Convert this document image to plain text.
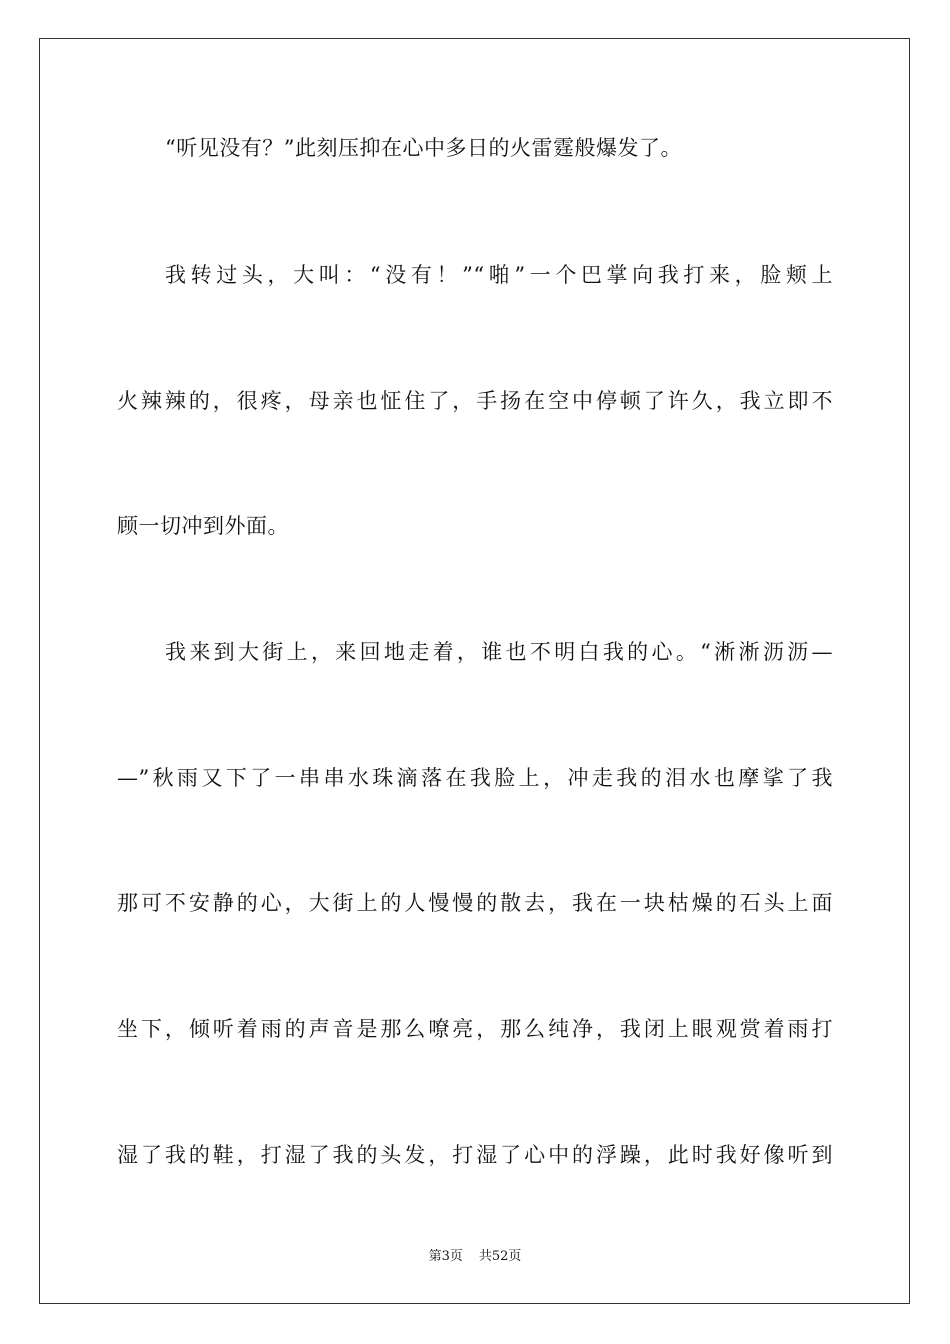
“听见没有？”此刻压抑在心中多日的火雷霆般爆发了。
我转过头，大叫：“没有！”“啪”一个巴掌向我打来，脸颊上
火辣辣的，很疼，母亲也怔住了，手扬在空中停顿了许久，我立即不
顾一切冲到外面。
我来到大街上，来回地走着，谁也不明白我的心。“淅淅沥沥—
—”秋雨又下了一串串水珠滴落在我脸上，冲走我的泪水也摩挲了我
那可不安静的心，大街上的人慢慢的散去，我在一块枯燥的石头上面
坐下，倾听着雨的声音是那么嘹亮，那么纯净，我闭上眼观赏着雨打
湿了我的鞋，打湿了我的头发，打湿了心中的浮躁，此时我好像听到
第3页 共52页
